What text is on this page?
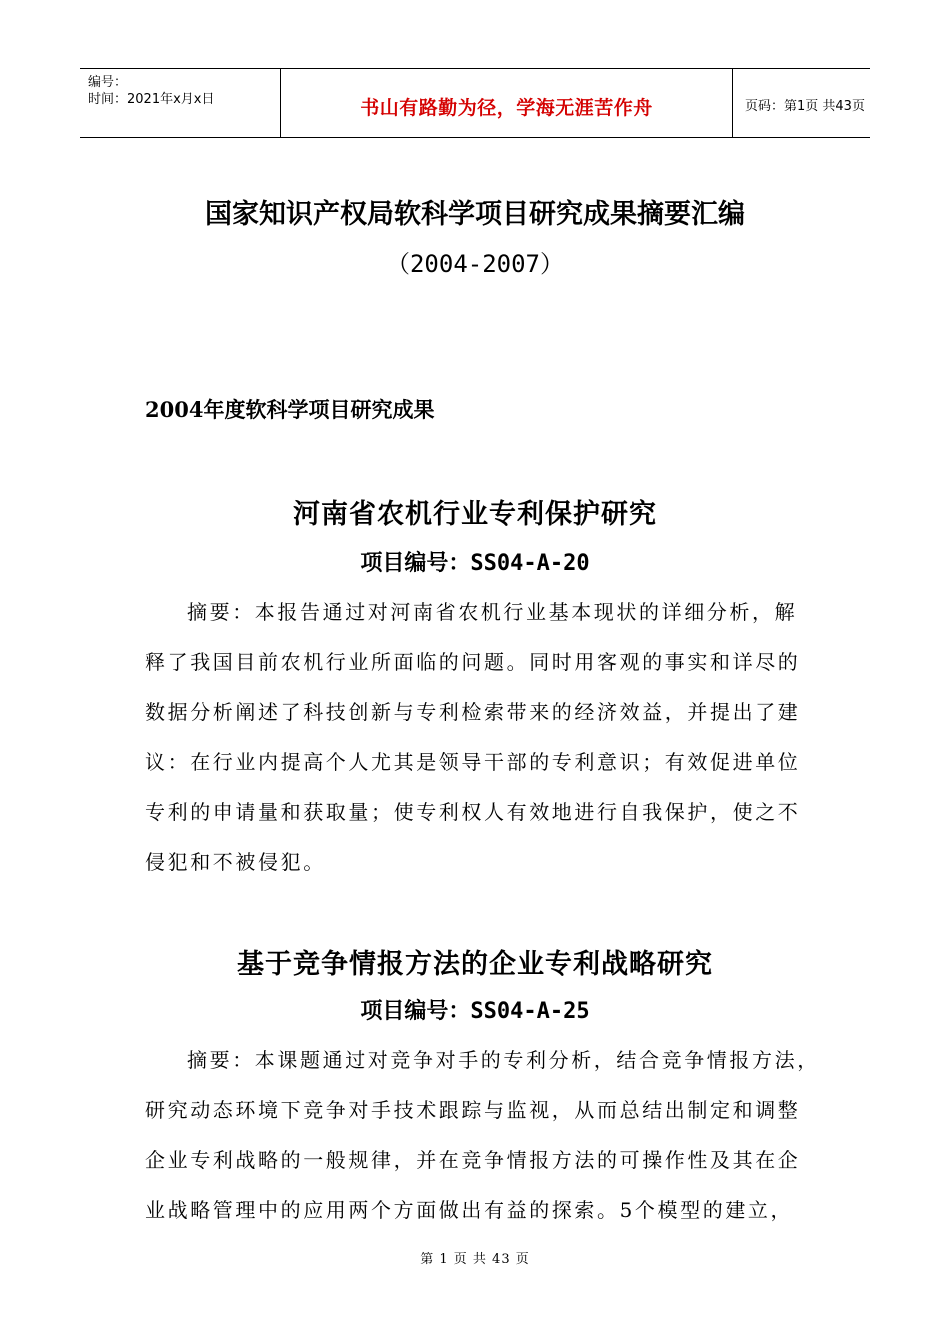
编号：
时间：2021年x月x日	书山有路勤为径，学海无涯苦作舟	页码：第1页 共43页
国家知识产权局软科学项目研究成果摘要汇编
（2004-2007）
2004年度软科学项目研究成果
河南省农机行业专利保护研究
项目编号：SS04-A-20
摘要：本报告通过对河南省农机行业基本现状的详细分析，解
释了我国目前农机行业所面临的问题。同时用客观的事实和详尽的
数据分析阐述了科技创新与专利检索带来的经济效益，并提出了建
议：在行业内提高个人尤其是领导干部的专利意识；有效促进单位
专利的申请量和获取量；使专利权人有效地进行自我保护，使之不
侵犯和不被侵犯。
基于竞争情报方法的企业专利战略研究
项目编号：SS04-A-25
摘要：本课题通过对竞争对手的专利分析，结合竞争情报方法，
研究动态环境下竞争对手技术跟踪与监视，从而总结出制定和调整
企业专利战略的一般规律，并在竞争情报方法的可操作性及其在企
业战略管理中的应用两个方面做出有益的探索。5个模型的建立，
第 1 页 共 43 页
